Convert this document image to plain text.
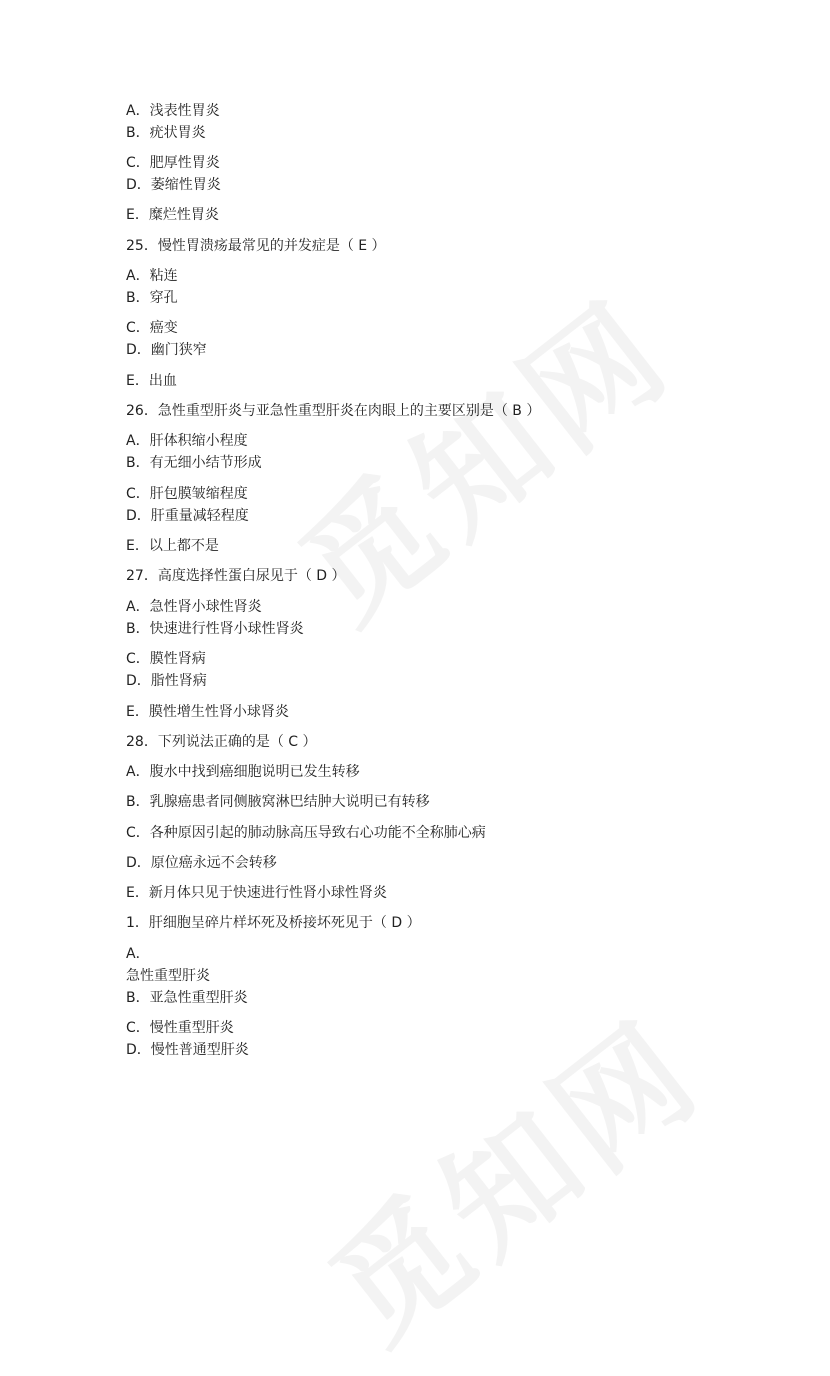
A．浅表性胃炎
B．疣状胃炎
C．肥厚性胃炎
D．萎缩性胃炎
E．糜烂性胃炎
25．慢性胃溃疡最常见的并发症是（ E ）
A．粘连
B．穿孔
C．癌变
D．幽门狭窄
E．出血
26．急性重型肝炎与亚急性重型肝炎在肉眼上的主要区别是（ B ）
A．肝体积缩小程度
B．有无细小结节形成
C．肝包膜皱缩程度
D．肝重量减轻程度
E．以上都不是
27．高度选择性蛋白尿见于（ D ）
A．急性肾小球性肾炎
B．快速进行性肾小球性肾炎
C．膜性肾病
D．脂性肾病
E．膜性增生性肾小球肾炎
28．下列说法正确的是（ C ）
A．腹水中找到癌细胞说明已发生转移
B．乳腺癌患者同侧腋窝淋巴结肿大说明已有转移
C．各种原因引起的肺动脉高压导致右心功能不全称肺心病
D．原位癌永远不会转移
E．新月体只见于快速进行性肾小球性肾炎
1．肝细胞呈碎片样坏死及桥接坏死见于（ D ）
A．
急性重型肝炎
B．亚急性重型肝炎
C．慢性重型肝炎
D．慢性普通型肝炎
